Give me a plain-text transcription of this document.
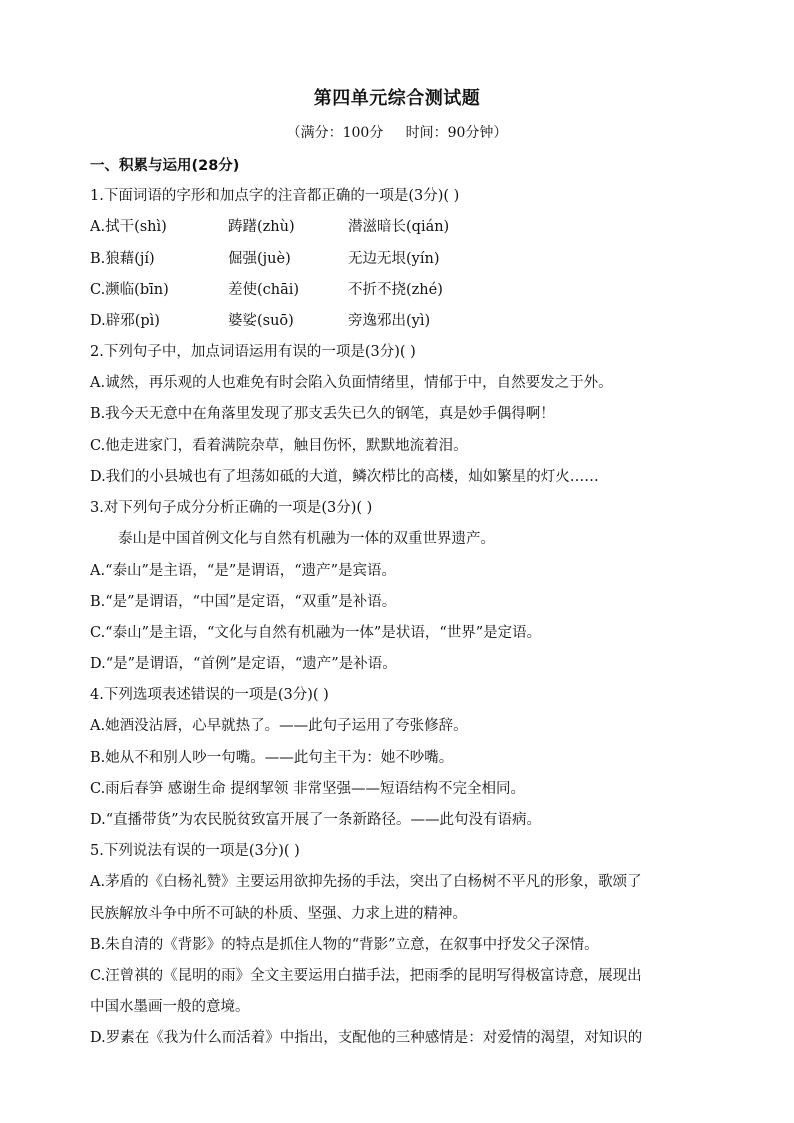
第四单元综合测试题
（满分：100分     时间：90分钟）
一、积累与运用(28分)
1.下面词语的字形和加点字的注音都正确的一项是(3分)( )
A.拭干(shì)	踌躇(zhù)	潜滋暗长(qián)
B.狼藉(jí)	倔强(juè)	无边无垠(yín)
C.濒临(bīn)	差使(chāi)	不折不挠(zhé)
D.辟邪(pì)	婆娑(suō)	旁逸邪出(yì)
2.下列句子中，加点词语运用有误的一项是(3分)( )
A.诚然，再乐观的人也难免有时会陷入负面情绪里，情郁于中，自然要发之于外。
B.我今天无意中在角落里发现了那支丢失已久的钢笔，真是妙手偶得啊！
C.他走进家门，看着满院杂草，触目伤怀，默默地流着泪。
D.我们的小县城也有了坦荡如砥的大道，鳞次栉比的高楼，灿如繁星的灯火……
3.对下列句子成分分析正确的一项是(3分)( )
泰山是中国首例文化与自然有机融为一体的双重世界遗产。
A.“泰山”是主语，“是”是谓语，“遗产”是宾语。
B.“是”是谓语，“中国”是定语，“双重”是补语。
C.“泰山”是主语，“文化与自然有机融为一体”是状语，“世界”是定语。
D.“是”是谓语，“首例”是定语，“遗产”是补语。
4.下列选项表述错误的一项是(3分)( )
A.她酒没沾唇，心早就热了。——此句子运用了夸张修辞。
B.她从不和别人吵一句嘴。——此句主干为：她不吵嘴。
C.雨后春笋 感谢生命 提纲挈领 非常坚强——短语结构不完全相同。
D.“直播带货”为农民脱贫致富开展了一条新路径。——此句没有语病。
5.下列说法有误的一项是(3分)( )
A.茅盾的《白杨礼赞》主要运用欲抑先扬的手法，突出了白杨树不平凡的形象，歌颂了
民族解放斗争中所不可缺的朴质、坚强、力求上进的精神。
B.朱自清的《背影》的特点是抓住人物的“背影”立意，在叙事中抒发父子深情。
C.汪曾祺的《昆明的雨》全文主要运用白描手法，把雨季的昆明写得极富诗意，展现出
中国水墨画一般的意境。
D.罗素在《我为什么而活着》中指出，支配他的三种感情是：对爱情的渴望，对知识的
